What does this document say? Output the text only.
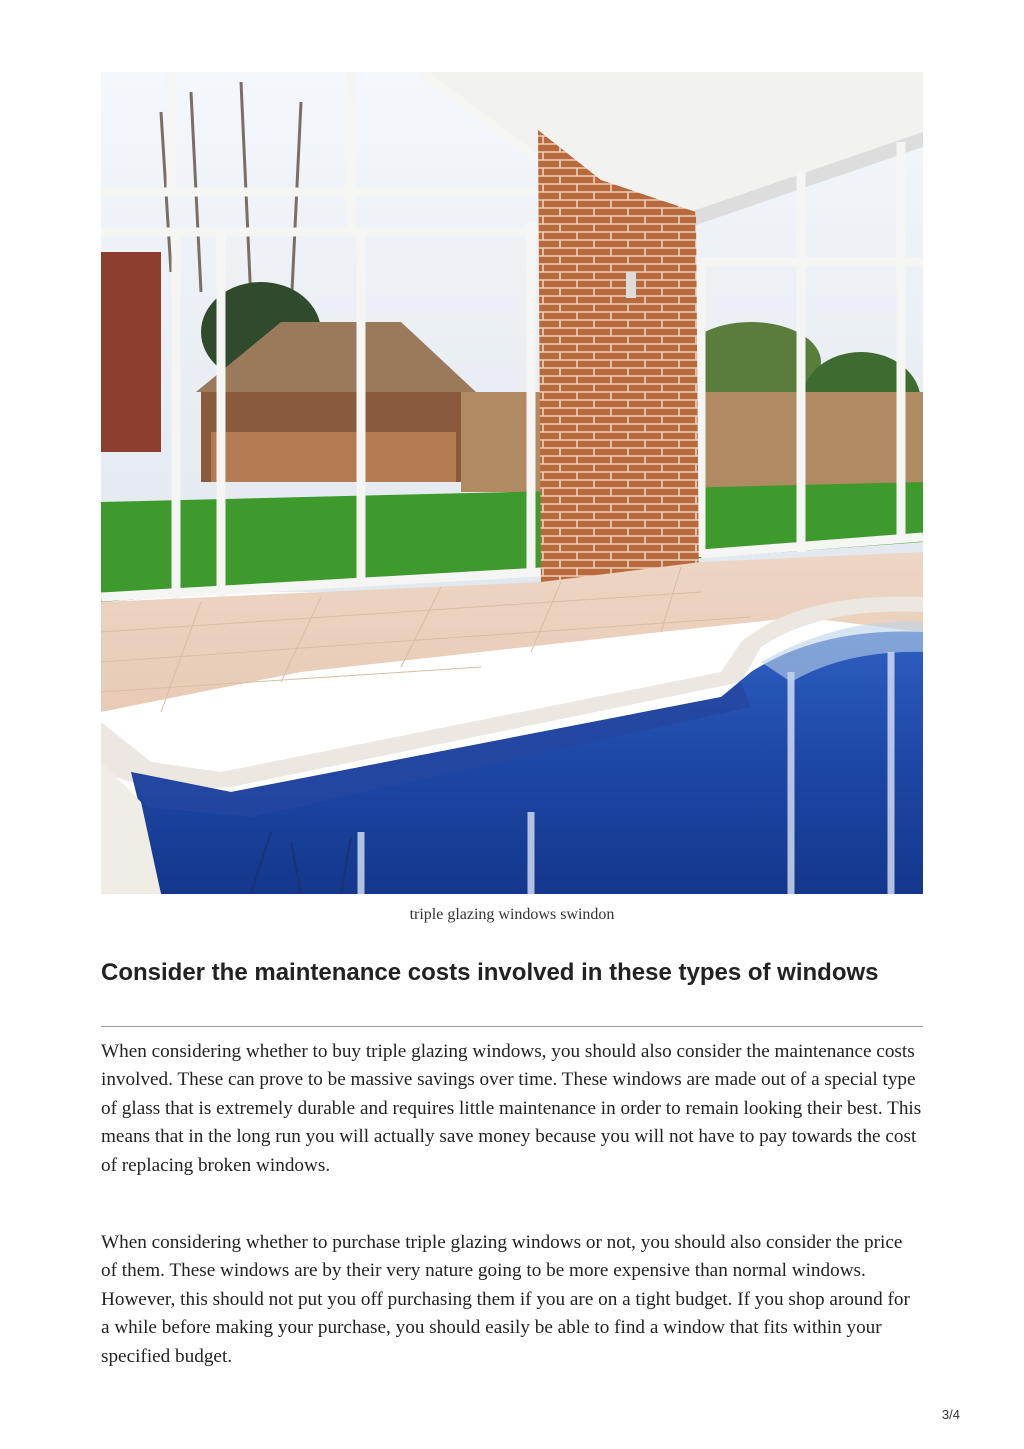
triple glazing windows swindon
Consider the maintenance costs involved in these types of windows

When considering whether to buy triple glazing windows, you should also consider the maintenance costs involved. These can prove to be massive savings over time. These windows are made out of a special type of glass that is extremely durable and requires little maintenance in order to remain looking their best. This means that in the long run you will actually save money because you will not have to pay towards the cost of replacing broken windows.

When considering whether to purchase triple glazing windows or not, you should also consider the price of them. These windows are by their very nature going to be more expensive than normal windows. However, this should not put you off purchasing them if you are on a tight budget. If you shop around for a while before making your purchase, you should easily be able to find a window that fits within your specified budget.

3/4
